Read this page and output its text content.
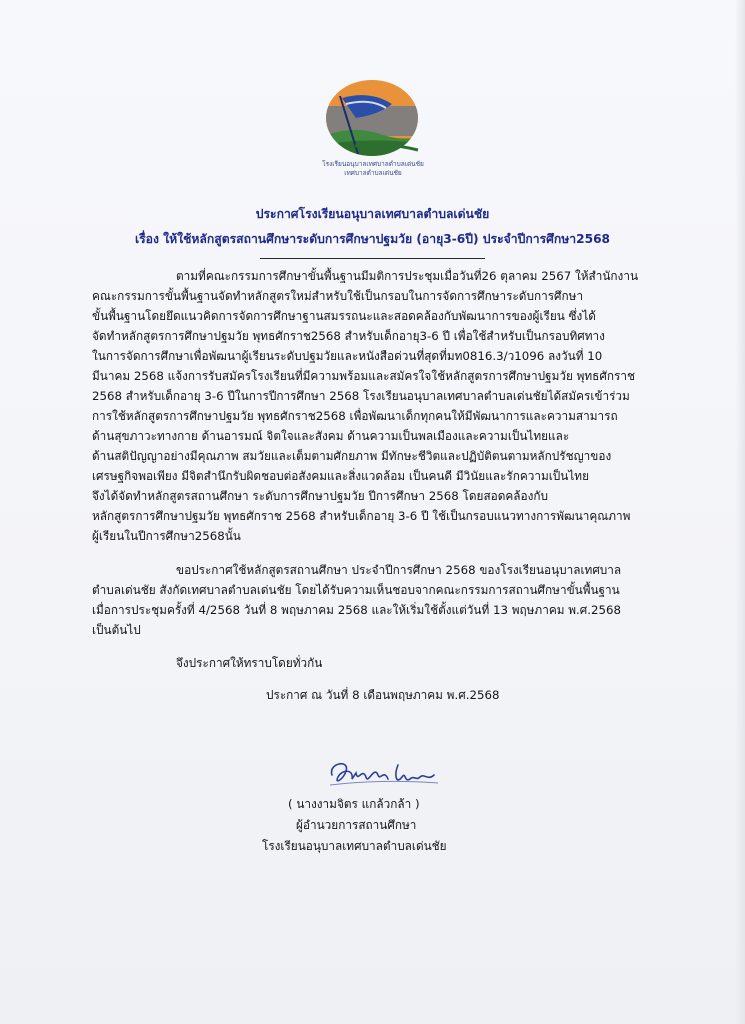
โรงเรียนอนุบาลเทศบาลตำบลเด่นชัย
เทศบาลตำบลเด่นชัย
ประกาศโรงเรียนอนุบาลเทศบาลตำบลเด่นชัย
เรื่อง ให้ใช้หลักสูตรสถานศึกษาระดับการศึกษาปฐมวัย (อายุ3-6ปี) ประจำปีการศึกษา2568
ตามที่คณะกรรมการศึกษาขั้นพื้นฐานมีมติการประชุมเมื่อวันที่26 ตุลาคม 2567 ให้สำนักงาน
คณะกรรมการขั้นพื้นฐานจัดทำหลักสูตรใหม่สำหรับใช้เป็นกรอบในการจัดการศึกษาระดับการศึกษา
ขั้นพื้นฐานโดยยึดแนวคิดการจัดการศึกษาฐานสมรรถนะและสอดคล้องกับพัฒนาการของผู้เรียน ซึ่งได้
จัดทำหลักสูตรการศึกษาปฐมวัย พุทธศักราช2568 สำหรับเด็กอายุ3-6 ปี เพื่อใช้สำหรับเป็นกรอบทิศทาง
ในการจัดการศึกษาเพื่อพัฒนาผู้เรียนระดับปฐมวัยและหนังสือด่วนที่สุดที่มท0816.3/ว1096 ลงวันที่ 10
มีนาคม 2568 แจ้งการรับสมัครโรงเรียนที่มีความพร้อมและสมัครใจใช้หลักสูตรการศึกษาปฐมวัย พุทธศักราช
2568 สำหรับเด็กอายุ 3-6 ปีในการปีการศึกษา 2568 โรงเรียนอนุบาลเทศบาลตำบลเด่นชัยได้สมัครเข้าร่วม
การใช้หลักสูตรการศึกษาปฐมวัย พุทธศักราช2568 เพื่อพัฒนาเด็กทุกคนให้มีพัฒนาการและความสามารถ
ด้านสุขภาวะทางกาย ด้านอารมณ์ จิตใจและสังคม ด้านความเป็นพลเมืองและความเป็นไทยและ
ด้านสติปัญญาอย่างมีคุณภาพ สมวัยและเต็มตามศักยภาพ มีทักษะชีวิตและปฏิบัติตนตามหลักปรัชญาของ
เศรษฐกิจพอเพียง มีจิตสำนึกรับผิดชอบต่อสังคมและสิ่งแวดล้อม เป็นคนดี มีวินัยและรักความเป็นไทย
จึงได้จัดทำหลักสูตรสถานศึกษา ระดับการศึกษาปฐมวัย ปีการศึกษา 2568 โดยสอดคล้องกับ
หลักสูตรการศึกษาปฐมวัย พุทธศักราช 2568 สำหรับเด็กอายุ 3-6 ปี ใช้เป็นกรอบแนวทางการพัฒนาคุณภาพ
ผู้เรียนในปีการศึกษา2568นั้น
ขอประกาศใช้หลักสูตรสถานศึกษา ประจำปีการศึกษา 2568 ของโรงเรียนอนุบาลเทศบาล
ตำบลเด่นชัย สังกัดเทศบาลตำบลเด่นชัย โดยได้รับความเห็นชอบจากคณะกรรมการสถานศึกษาขั้นพื้นฐาน
เมื่อการประชุมครั้งที่ 4/2568 วันที่ 8 พฤษภาคม 2568 และให้เริ่มใช้ตั้งแต่วันที่ 13 พฤษภาคม พ.ศ.2568
เป็นต้นไป
จึงประกาศให้ทราบโดยทั่วกัน
ประกาศ ณ วันที่ 8 เดือนพฤษภาคม พ.ศ.2568
( นางงามจิตร แกล้วกล้า )
ผู้อำนวยการสถานศึกษา
โรงเรียนอนุบาลเทศบาลตำบลเด่นชัย
